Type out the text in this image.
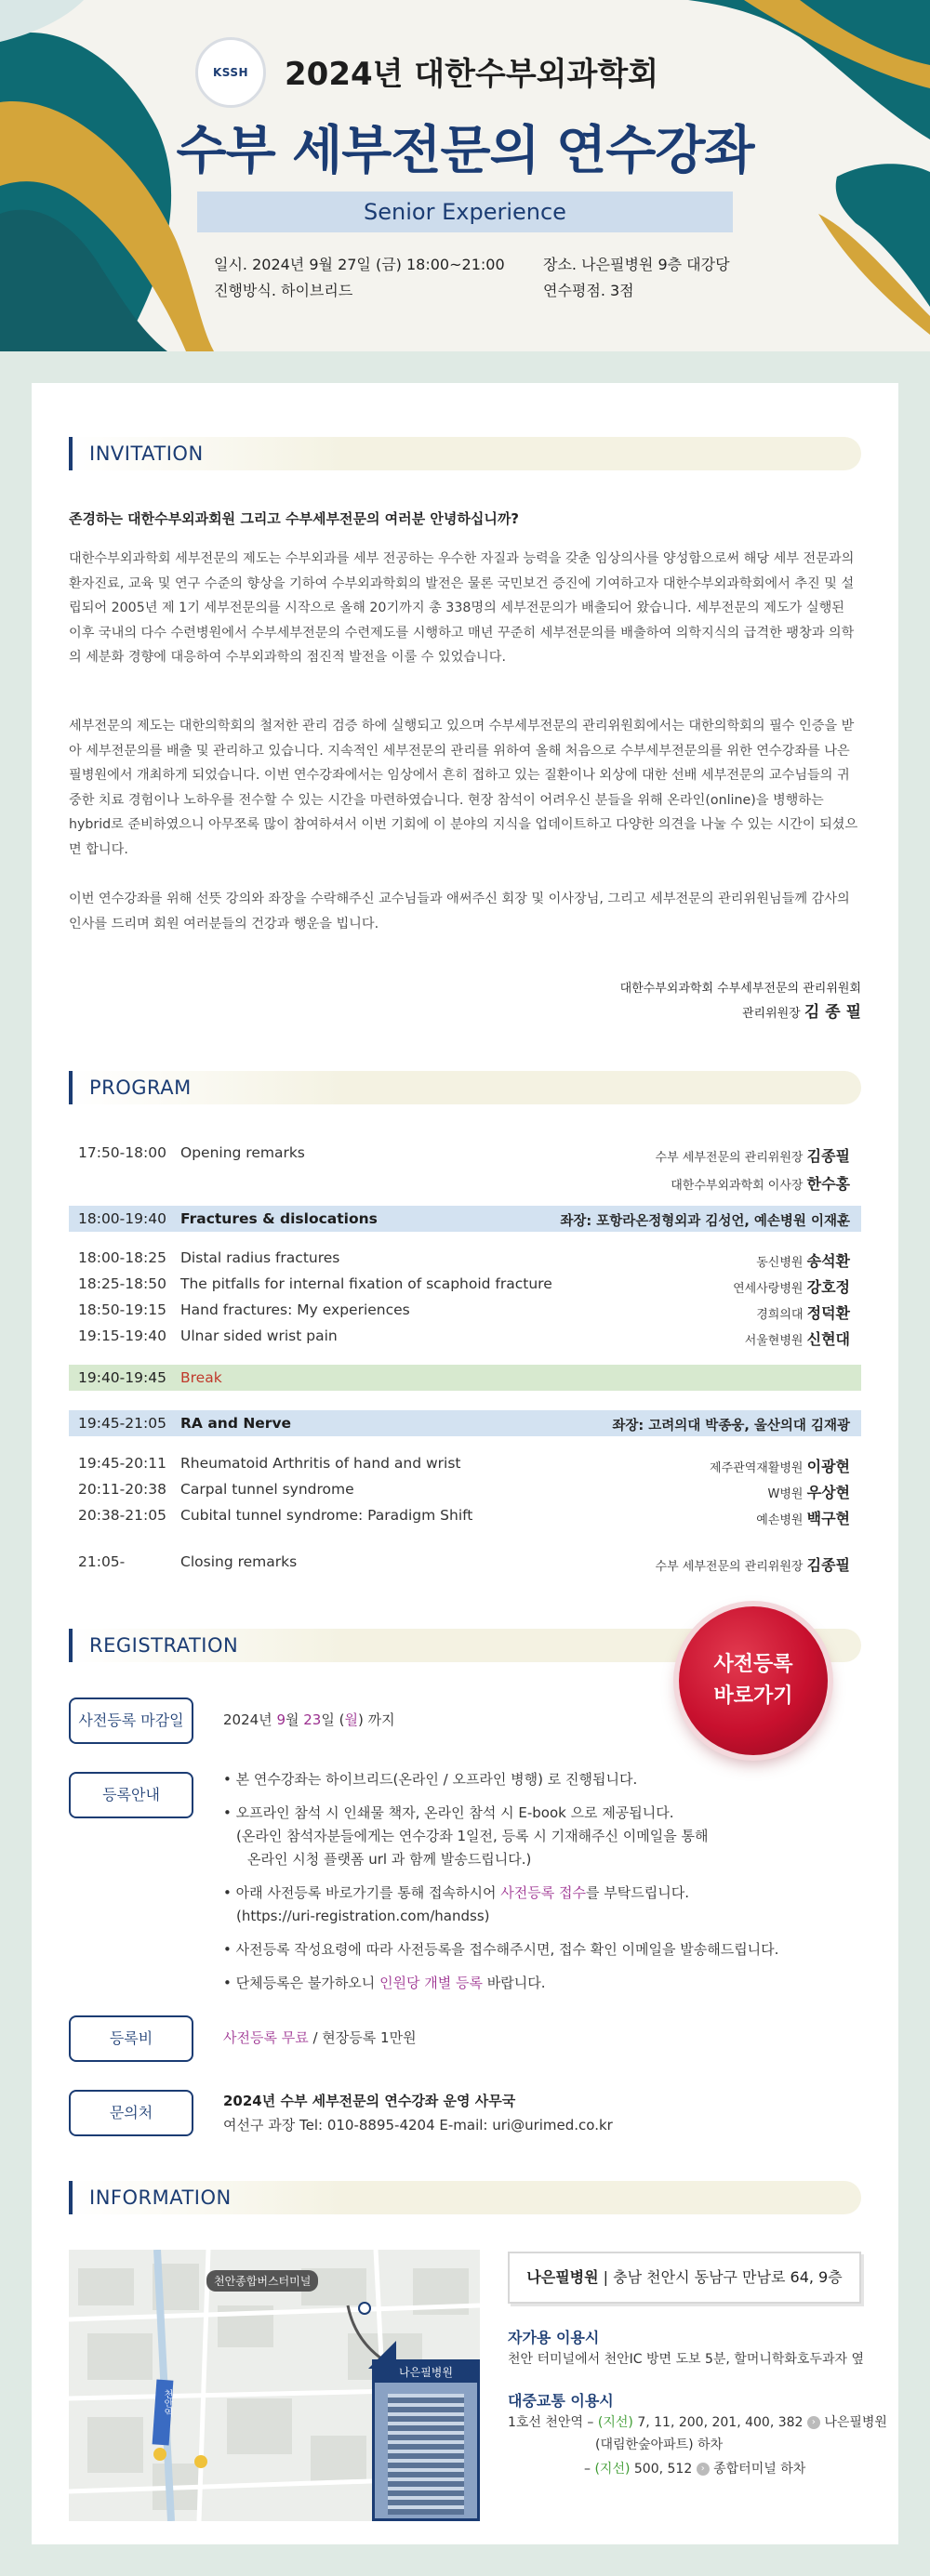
KSSH 2024년 대한수부외과학회
수부 세부전문의 연수강좌
Senior Experience
일시. 2024년 9월 27일 (금) 18:00~21:00
진행방식. 하이브리드
장소. 나은필병원 9층 대강당
연수평점. 3점
INVITATION
존경하는 대한수부외과회원 그리고 수부세부전문의 여러분 안녕하십니까?
대한수부외과학회 세부전문의 제도는 수부외과를 세부 전공하는 우수한 자질과 능력을 갖춘 임상의사를 양성함으로써 해당 세부 전문과의 환자진료, 교육 및 연구 수준의 향상을 기하여 수부외과학회의 발전은 물론 국민보건 증진에 기여하고자 대한수부외과학회에서 추진 및 설립되어 2005년 제 1기 세부전문의를 시작으로 올해 20기까지 총 338명의 세부전문의가 배출되어 왔습니다. 세부전문의 제도가 실행된 이후 국내의 다수 수련병원에서 수부세부전문의 수련제도를 시행하고 매년 꾸준히 세부전문의를 배출하여 의학지식의 급격한 팽창과 의학의 세분화 경향에 대응하여 수부외과학의 점진적 발전을 이룰 수 있었습니다.
세부전문의 제도는 대한의학회의 철저한 관리 검증 하에 실행되고 있으며 수부세부전문의 관리위원회에서는 대한의학회의 필수 인증을 받아 세부전문의를 배출 및 관리하고 있습니다. 지속적인 세부전문의 관리를 위하여 올해 처음으로 수부세부전문의를 위한 연수강좌를 나은필병원에서 개최하게 되었습니다. 이번 연수강좌에서는 임상에서 흔히 접하고 있는 질환이나 외상에 대한 선배 세부전문의 교수님들의 귀중한 치료 경험이나 노하우를 전수할 수 있는 시간을 마련하였습니다. 현장 참석이 어려우신 분들을 위해 온라인(online)을 병행하는 hybrid로 준비하였으니 아무쪼록 많이 참여하셔서 이번 기회에 이 분야의 지식을 업데이트하고 다양한 의견을 나눌 수 있는 시간이 되셨으면 합니다.
이번 연수강좌를 위해 선뜻 강의와 좌장을 수락해주신 교수님들과 애써주신 회장 및 이사장님, 그리고 세부전문의 관리위원님들께 감사의 인사를 드리며 회원 여러분들의 건강과 행운을 빕니다.
대한수부외과학회 수부세부전문의 관리위원회
관리위원장 김 종 필
PROGRAM
17:50-18:00 Opening remarks	수부 세부전문의 관리위원장 김종필
대한수부외과학회 이사장 한수홍
18:00-19:40 Fractures & dislocations	좌장: 포항라온정형외과 김성언, 예손병원 이재훈
18:00-18:25 Distal radius fractures	동신병원 송석환
18:25-18:50 The pitfalls for internal fixation of scaphoid fracture	연세사랑병원 강호정
18:50-19:15 Hand fractures: My experiences	경희의대 정덕환
19:15-19:40 Ulnar sided wrist pain	서울현병원 신현대
19:40-19:45 Break
19:45-21:05 RA and Nerve	좌장: 고려의대 박종웅, 울산의대 김재광
19:45-20:11 Rheumatoid Arthritis of hand and wrist	제주관역재활병원 이광현
20:11-20:38 Carpal tunnel syndrome	W병원 우상현
20:38-21:05 Cubital tunnel syndrome: Paradigm Shift	예손병원 백구현
21:05-	Closing remarks	수부 세부전문의 관리위원장 김종필
REGISTRATION
사전등록 마감일	2024년 9월 23일 (월) 까지
등록안내
• 본 연수강좌는 하이브리드(온라인 / 오프라인 병행) 로 진행됩니다.
• 오프라인 참석 시 인쇄물 책자, 온라인 참석 시 E-book 으로 제공됩니다.
(온라인 참석자분들에게는 연수강좌 1일전, 등록 시 기재해주신 이메일을 통해
온라인 시청 플랫폼 url 과 함께 발송드립니다.)
• 아래 사전등록 바로가기를 통해 접속하시어 사전등록 접수를 부탁드립니다.
(https://uri-registration.com/handss)
• 사전등록 작성요령에 따라 사전등록을 접수해주시면, 접수 확인 이메일을 발송해드립니다.
• 단체등록은 불가하오니 인원당 개별 등록 바랍니다.
등록비	사전등록 무료 / 현장등록 1만원
문의처
2024년 수부 세부전문의 연수강좌 운영 사무국
여선구 과장 Tel: 010-8895-4204 E-mail: uri@urimed.co.kr
INFORMATION
천안종합버스터미널
천안역
나은필병원
나은필병원 | 충남 천안시 동남구 만남로 64, 9층
자가용 이용시
천안 터미널에서 천안IC 방면 도보 5분, 할머니학화호두과자 옆
대중교통 이용시
1호선 천안역 – (지선) 7, 11, 200, 201, 400, 382 › 나은필병원
(대림한숲아파트) 하차
– (지선) 500, 512 › 종합터미널 하차
사전등록
바로가기
